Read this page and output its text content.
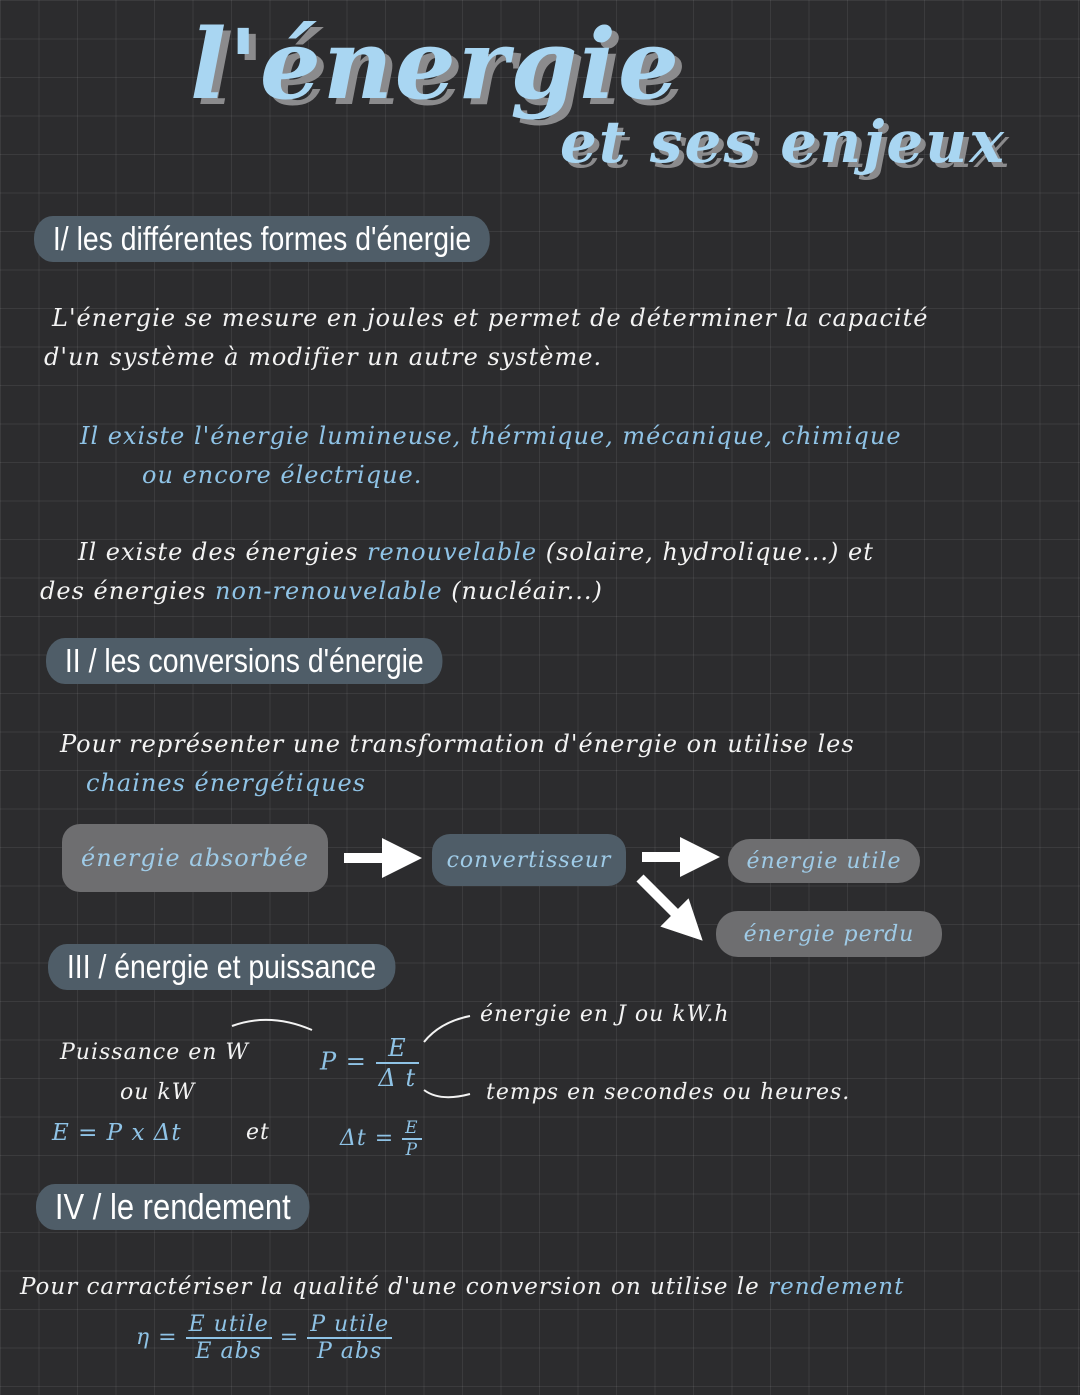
l'énergie
et ses enjeux
I/ les différentes formes d'énergie
L'énergie se mesure en joules et permet de déterminer la capacité
d'un système à modifier un autre système.
Il existe l'énergie lumineuse, thérmique, mécanique, chimique
ou encore électrique.
Il existe des énergies renouvelable (solaire, hydrolique...) et
des énergies non-renouvelable (nucléair...)
II / les conversions d'énergie
Pour représenter une transformation d'énergie on utilise les
chaines énergétiques
énergie absorbée	convertisseur	énergie utile
énergie perdu
III / énergie et puissance
Puissance en W
ou kW
$P = \frac{E}{\text{Δ t}}$
énergie en J ou kW.h
temps en secondes ou heures.
E = P x Δt	et	$\Delta t = \frac{E}{P}$
IV / le rendement
Pour carractériser la qualité d'une conversion on utilise le rendement
$\eta = \frac{\text{E utile}}{\text{E abs}} = \frac{\text{P utile}}{\text{P abs}}$
